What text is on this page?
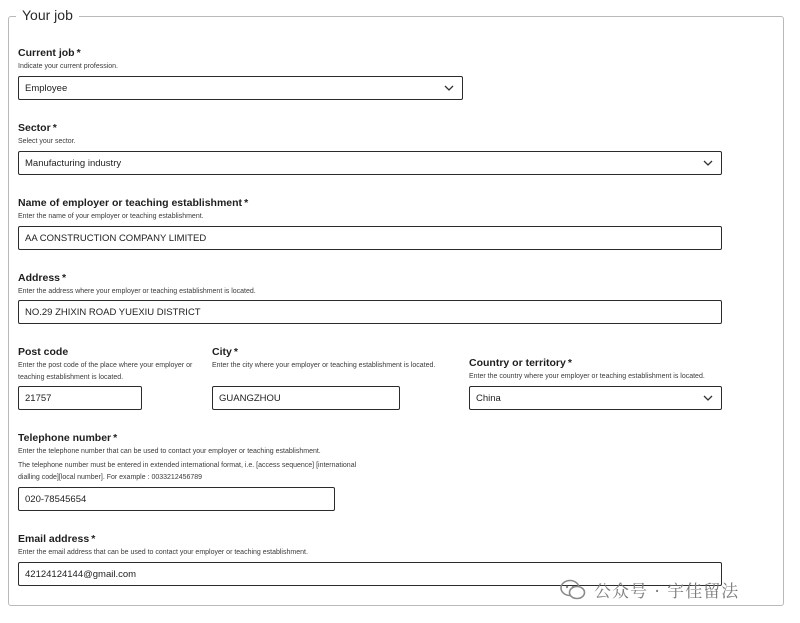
Your job
Current job *
Indicate your current profession.
Employee
Sector *
Select your sector.
Manufacturing industry
Name of employer or teaching establishment *
Enter the name of your employer or teaching establishment.
AA CONSTRUCTION COMPANY LIMITED
Address *
Enter the address where your employer or teaching establishment is located.
NO.29 ZHIXIN ROAD YUEXIU DISTRICT
Post code
Enter the post code of the place where your employer or teaching establishment is located.
21757
City *
Enter the city where your employer or teaching establishment is located.
GUANGZHOU
Country or territory *
Enter the country where your employer or teaching establishment is located.
China
Telephone number *
Enter the telephone number that can be used to contact your employer or teaching establishment.
The telephone number must be entered in extended international format, i.e. [access sequence] [international dialling code][local number]. For example : 0033212456789
020-78545654
Email address *
Enter the email address that can be used to contact your employer or teaching establishment.
42124124144@gmail.com
公众号 · 宇佳留法
